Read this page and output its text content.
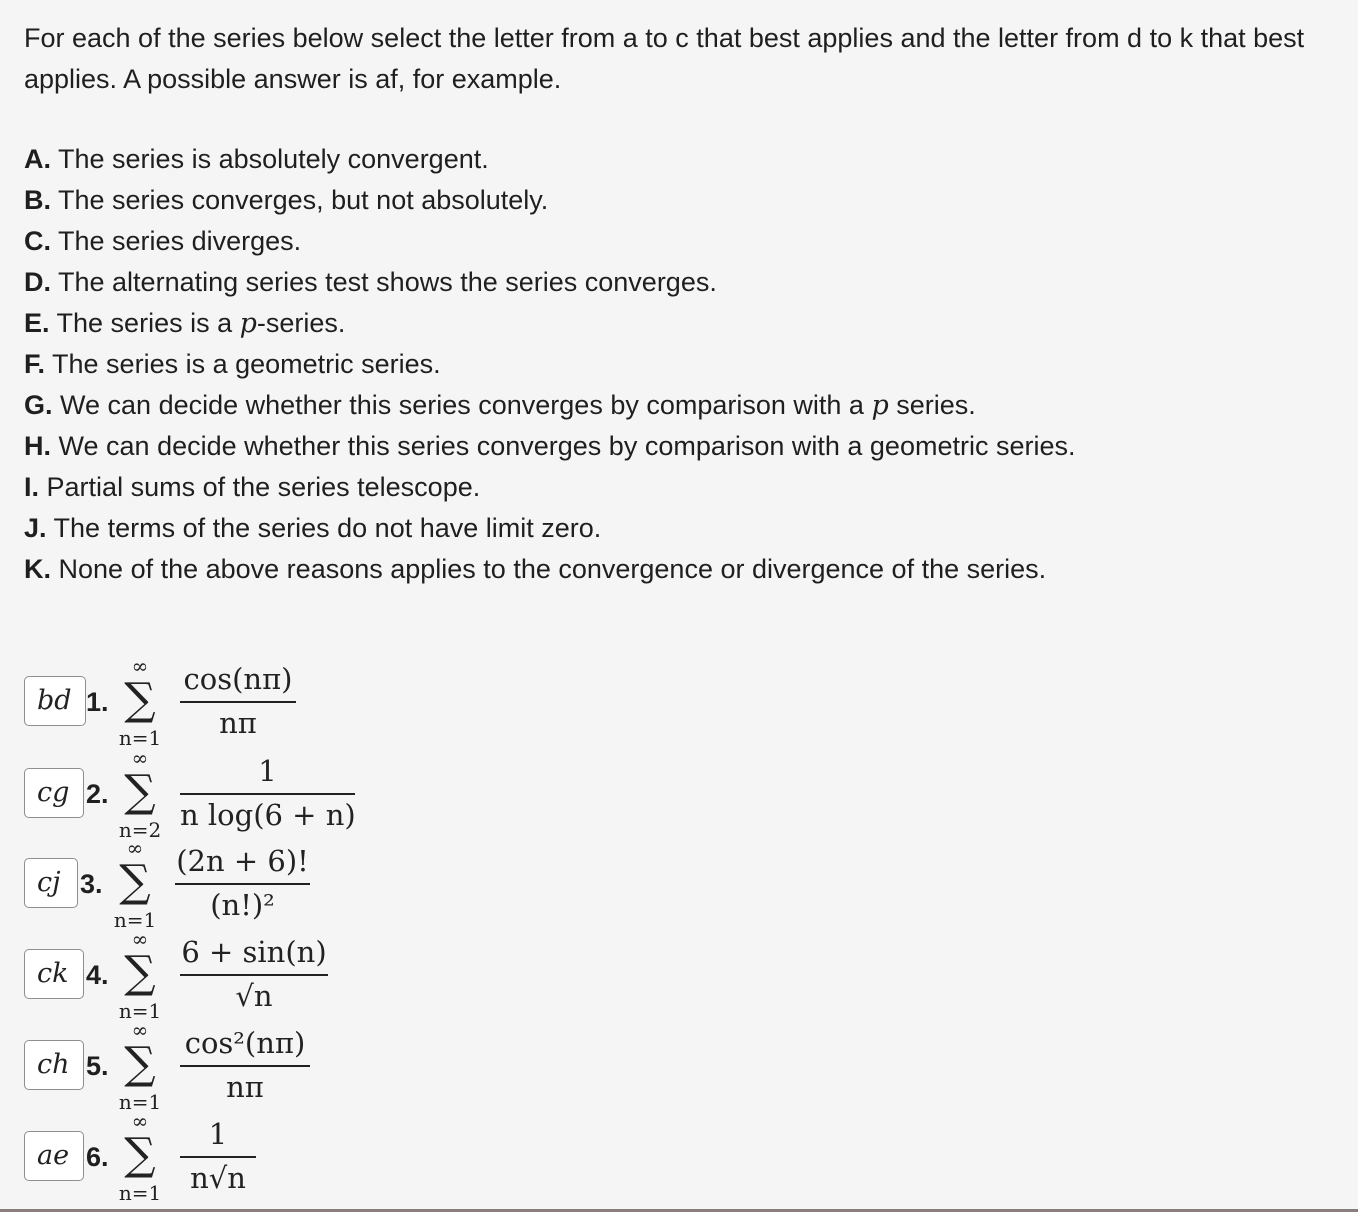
For each of the series below select the letter from a to c that best applies and the letter from d to k that best applies. A possible answer is af, for example.

A. The series is absolutely convergent.
B. The series converges, but not absolutely.
C. The series diverges.
D. The alternating series test shows the series converges.
E. The series is a p-series.
F. The series is a geometric series.
G. We can decide whether this series converges by comparison with a p series.
H. We can decide whether this series converges by comparison with a geometric series.
I. Partial sums of the series telescope.
J. The terms of the series do not have limit zero.
K. None of the above reasons applies to the convergence or divergence of the series.
bd 1.
∞
∑
n=1
cos(nπ)
nπ
cg 2.
∞
∑
n=2
1
n log(6 + n)
cj 3.
∞
∑
n=1
(2n + 6)!
(n!)²
ck 4.
∞
∑
n=1
6 + sin(n)
√n
ch 5.
∞
∑
n=1
cos²(nπ)
nπ
ae 6.
∞
∑
n=1
1
n√n
